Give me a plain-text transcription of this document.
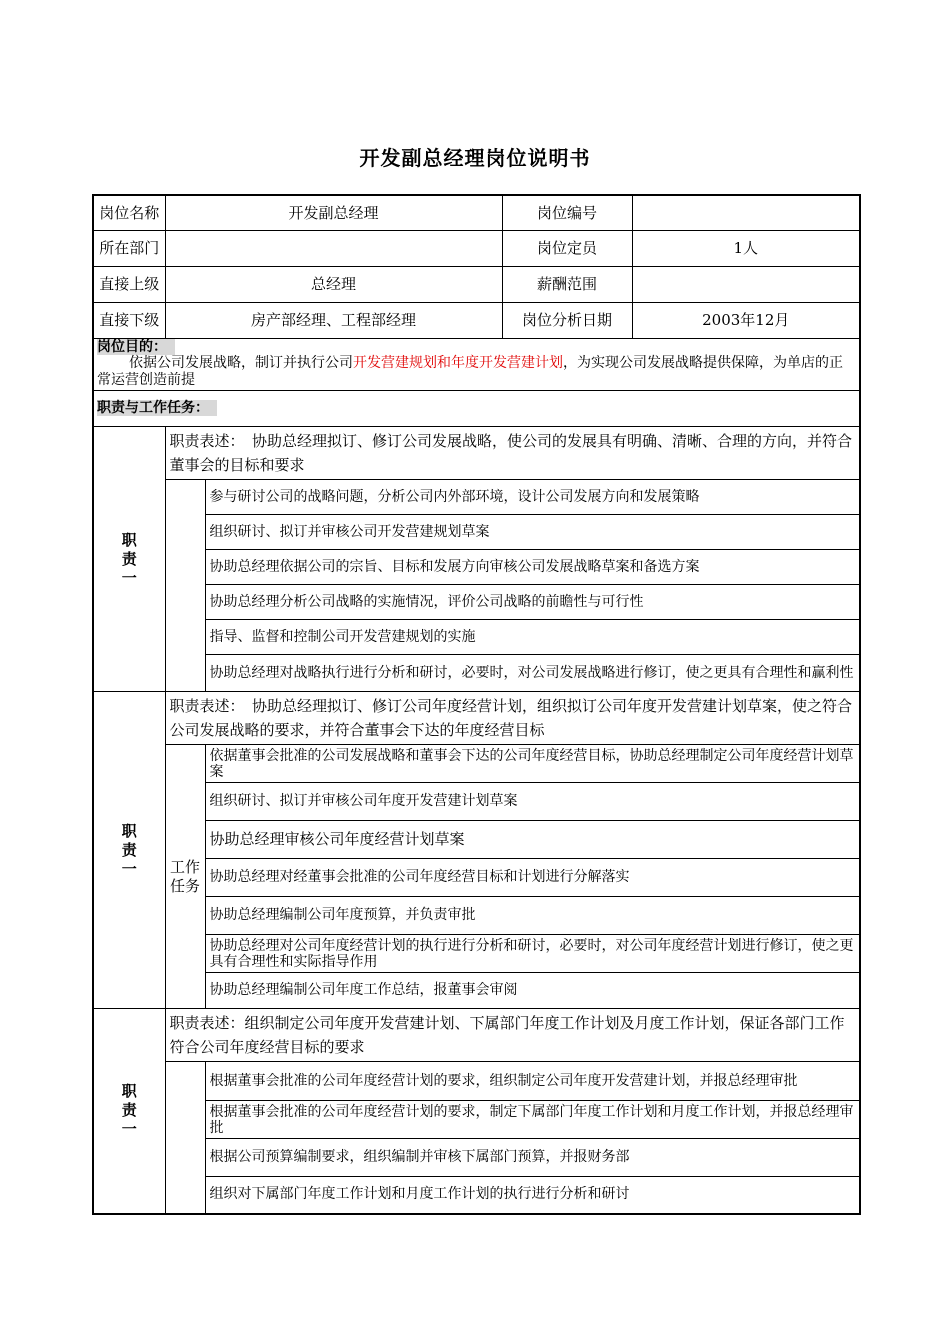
开发副总经理岗位说明书
岗位名称	开发副总经理		岗位编号	
所在部门			岗位定员	1人
直接上级	总经理		薪酬范围	
直接下级	房产部经理、工程部经理		岗位分析日期	2003年12月

岗位目的：
依据公司发展战略，制订并执行公司开发营建规划和年度开发营建计划，为实现公司发展战略提供保障，为单店的正常运营创造前提				

职责与工作任务：				

职责一	职责表述：　协助总经理拟订、修订公司发展战略，使公司的发展具有明确、清晰、合理的方向，并符合董事会的目标和要求			

		参与研讨公司的战略问题，分析公司内外部环境，设计公司发展方向和发展策略		
		组织研讨、拟订并审核公司开发营建规划草案		
		协助总经理依据公司的宗旨、目标和发展方向审核公司发展战略草案和备选方案		
		协助总经理分析公司战略的实施情况，评价公司战略的前瞻性与可行性		
		指导、监督和控制公司开发营建规划的实施		
		协助总经理对战略执行进行分析和研讨，必要时，对公司发展战略进行修订，使之更具有合理性和赢利性		

职责一	职责表述：　协助总经理拟订、修订公司年度经营计划，组织拟订公司年度开发营建计划草案，使之符合公司发展战略的要求，并符合董事会下达的年度经营目标			

	工作任务	依据董事会批准的公司发展战略和董事会下达的公司年度经营目标，协助总经理制定公司年度经营计划草案		
		组织研讨、拟订并审核公司年度开发营建计划草案		
		协助总经理审核公司年度经营计划草案		
		协助总经理对经董事会批准的公司年度经营目标和计划进行分解落实		
		协助总经理编制公司年度预算，并负责审批		
		协助总经理对公司年度经营计划的执行进行分析和研讨，必要时，对公司年度经营计划进行修订，使之更具有合理性和实际指导作用		
		协助总经理编制公司年度工作总结，报董事会审阅		

职责一	职责表述：组织制定公司年度开发营建计划、下属部门年度工作计划及月度工作计划，保证各部门工作符合公司年度经营目标的要求			

		根据董事会批准的公司年度经营计划的要求，组织制定公司年度开发营建计划，并报总经理审批		
		根据董事会批准的公司年度经营计划的要求，制定下属部门年度工作计划和月度工作计划，并报总经理审批		
		根据公司预算编制要求，组织编制并审核下属部门预算，并报财务部		
		组织对下属部门年度工作计划和月度工作计划的执行进行分析和研讨		
